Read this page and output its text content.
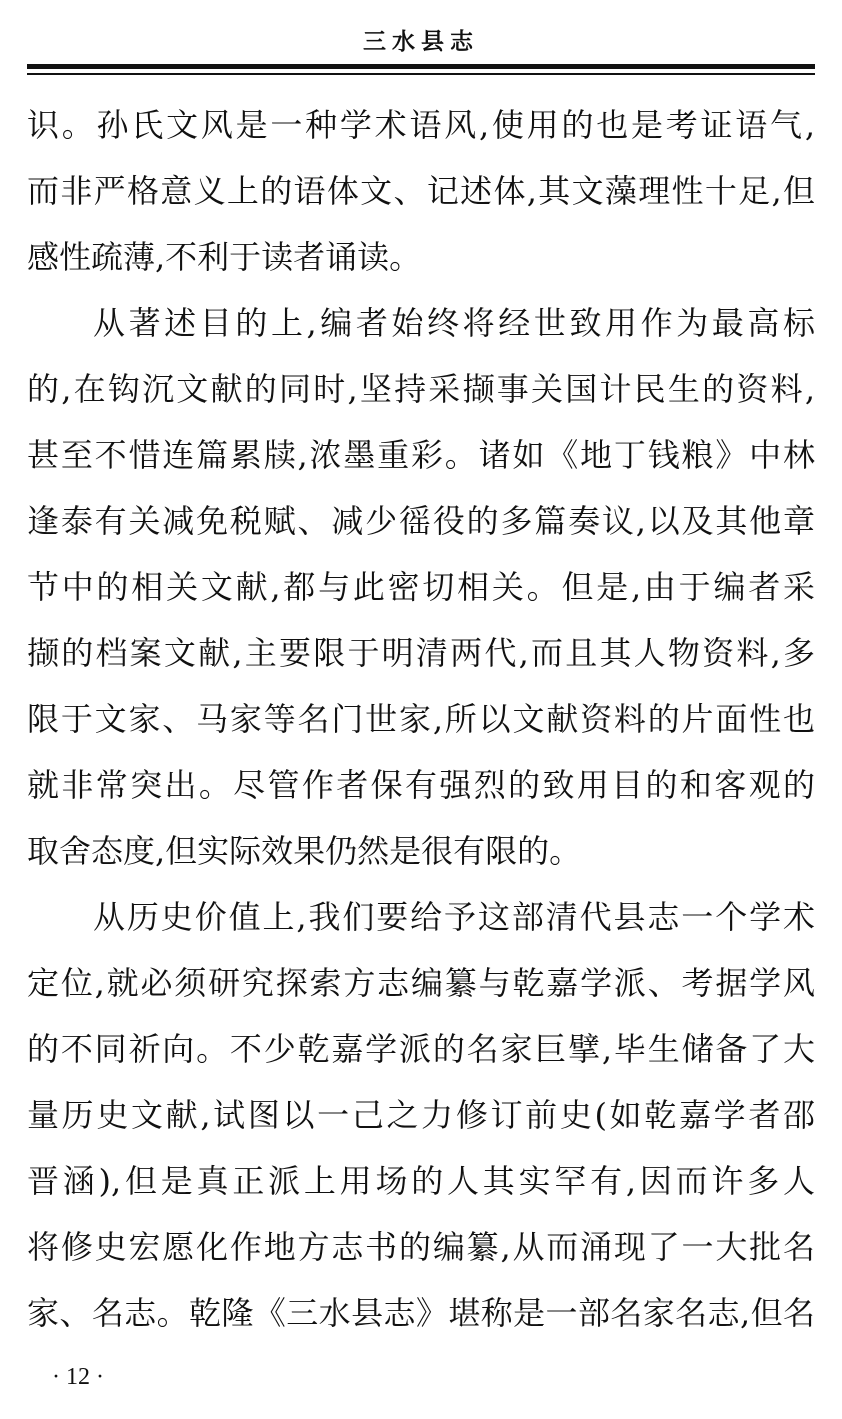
三水县志
识。孙氏文风是一种学术语风,使用的也是考证语气,
而非严格意义上的语体文、记述体,其文藻理性十足,但
感性疏薄,不利于读者诵读。
从著述目的上,编者始终将经世致用作为最高标
的,在钩沉文献的同时,坚持采撷事关国计民生的资料,
甚至不惜连篇累牍,浓墨重彩。诸如《地丁钱粮》中林
逢泰有关减免税赋、减少徭役的多篇奏议,以及其他章
节中的相关文献,都与此密切相关。但是,由于编者采
撷的档案文献,主要限于明清两代,而且其人物资料,多
限于文家、马家等名门世家,所以文献资料的片面性也
就非常突出。尽管作者保有强烈的致用目的和客观的
取舍态度,但实际效果仍然是很有限的。
从历史价值上,我们要给予这部清代县志一个学术
定位,就必须研究探索方志编纂与乾嘉学派、考据学风
的不同祈向。不少乾嘉学派的名家巨擘,毕生储备了大
量历史文献,试图以一己之力修订前史(如乾嘉学者邵
晋涵),但是真正派上用场的人其实罕有,因而许多人
将修史宏愿化作地方志书的编纂,从而涌现了一大批名
家、名志。乾隆《三水县志》堪称是一部名家名志,但名
· 12 ·
